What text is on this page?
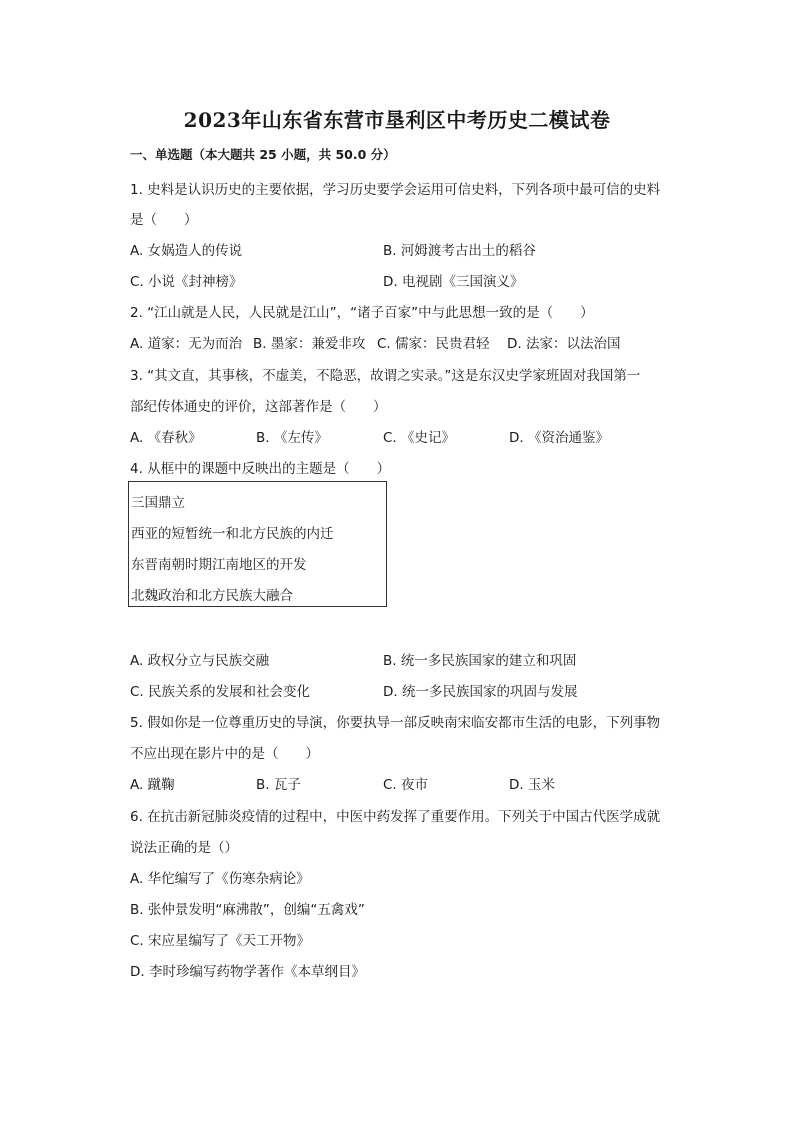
2023年山东省东营市垦利区中考历史二模试卷
一、单选题（本大题共 25 小题，共 50.0 分）
1. 史料是认识历史的主要依据，学习历史要学会运用可信史料，下列各项中最可信的史料
是（　　）
A. 女娲造人的传说	B. 河姆渡考古出土的稻谷
C. 小说《封神榜》	D. 电视剧《三国演义》
2. “江山就是人民，人民就是江山”，“诸子百家”中与此思想一致的是（　　）
A. 道家：无为而治 B. 墨家：兼爱非攻 C. 儒家：民贵君轻 D. 法家：以法治国
3. “其文直，其事核，不虚美，不隐恶，故谓之实录。”这是东汉史学家班固对我国第一
部纪传体通史的评价，这部著作是（　　）
A. 《春秋》	B. 《左传》	C. 《史记》	D. 《资治通鉴》
4. 从框中的课题中反映出的主题是（　　）
三国鼎立
西亚的短暂统一和北方民族的内迁
东晋南朝时期江南地区的开发
北魏政治和北方民族大融合
A. 政权分立与民族交融	B. 统一多民族国家的建立和巩固
C. 民族关系的发展和社会变化	D. 统一多民族国家的巩固与发展
5. 假如你是一位尊重历史的导演，你要执导一部反映南宋临安都市生活的电影，下列事物
不应出现在影片中的是（　　）
A. 蹴鞠	B. 瓦子	C. 夜市	D. 玉米
6. 在抗击新冠肺炎疫情的过程中，中医中药发挥了重要作用。下列关于中国古代医学成就
说法正确的是（）
A. 华佗编写了《伤寒杂病论》
B. 张仲景发明“麻沸散”，创编“五禽戏”
C. 宋应星编写了《天工开物》
D. 李时珍编写药物学著作《本草纲目》
